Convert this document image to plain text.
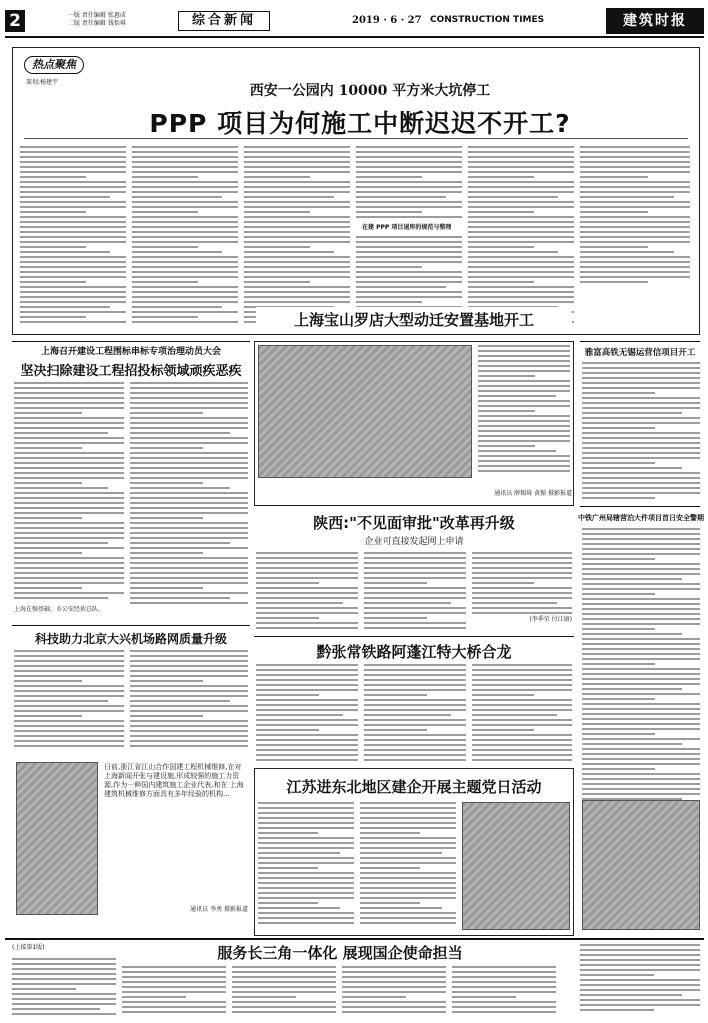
2	一版 责任编辑 张惠成
二版 责任编辑 钱怡琪	综合新闻	2019 · 6 · 27 CONSTRUCTION TIMES	建筑时报
热点聚焦
策划:杨建宇
西安一公园内 10000 平方米大坑停工
PPP 项目为何施工中断迟迟不开工?
在建 PPP 项目退库的规范与整理
上海召开建设工程围标串标专项治理动员大会
坚决扫除建设工程招投标领域顽疾恶疾
上海在强基础、市公安经侦总队、
科技助力北京大兴机场路网质量升级
日前,浙江省江山合作国建工程机械维修,在对上海新闻开张与建设施,形成较强的施工力资源,作为一种国内建筑施工企业代表,和在 上海建筑机械维修方面具有多年经验的机构...
通讯员 李勇 摄影报道
上海宝山罗店大型动迁安置基地开工
通讯员 薛锡琦 黄振 摄影报道
陕西:"不见面审批"改革再升级
企业可直接发起网上申请
(李季荣 付江康)
黔张常铁路阿蓬江特大桥合龙
江苏进东北地区建企开展主题党日活动
雅富高铁无锡运营信项目开工
中铁广州局辖营泊大件项目首日安全警期
(上接第1版)	服务长三角一体化 展现国企使命担当
